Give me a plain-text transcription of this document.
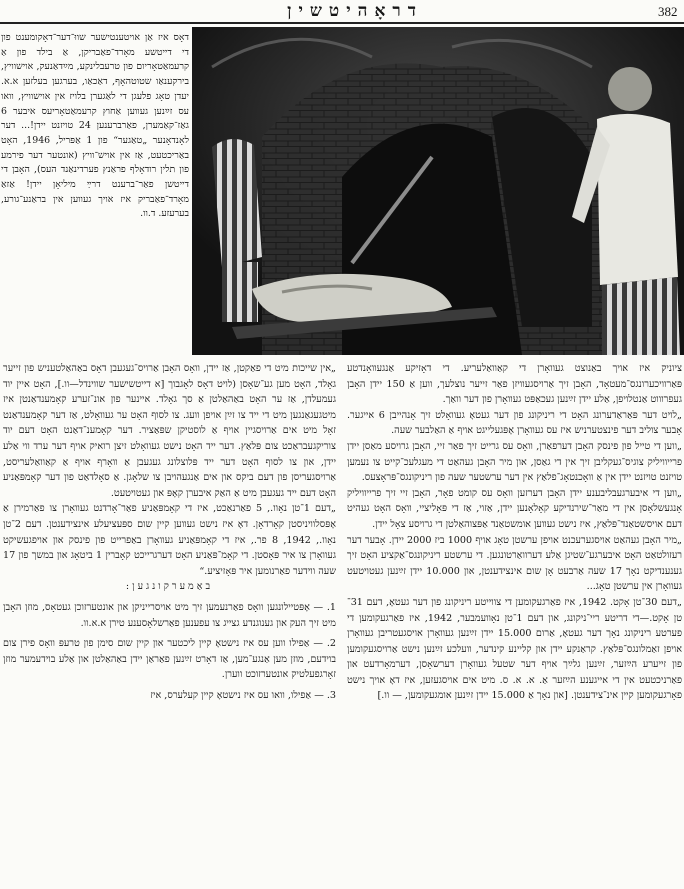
דראָהיטשין	382

דאָס איז אַן אויטענטישער שווּ־דער־דאָקומענט פון די דייטשע מאָרד־פאַבריקן, אַ בילד פון אַ קרעמאַטאָריום פון טרעבלינקע, מײַדאַנעק, אוישוויץ, בירקענאַו שטוטהאָף, דאַכאַו, בערגען בעלזען א.א. יעדן טאָג פלעגן די לאַגערן בלויז אין אוישוויץ, וואו עס זײַנען געווען אַחוץ קרעמאַטאָריעס איבער 6 גאַז־קאַמערן, פאַרברענען 24 טויזנט יידן!... דער לאָנדאָנער „טאַגער“ פון 1 אַפּריל, 1946, האָט באַריכטעט, אַז אין אויש־וויץ (אונטער דער פירמע פון תלין רודאָלף פראַנץ פערדינאַנד העס), האָבן די דייטשן פאַר־ברענט דרײַ מיליאָן יידן! אַזאַ מאָרד־פאַבריק איז אויך געווען אין בראַנע־גורע, בערעזע. ד.וו.

„אין שייכות מיט די פאַקטן, אַז יידן, וואָס האָבן אַרויס־געגעבן דאָס באַהאַלטעניש פון זייער גאָלד, האָט מען גע־שאָסן (לויט דאָס לאָגבוך [א דייטשישער שווינדל—וו.], האָט איין יוד געמעלדן, אַז ער האָט באַהאַלטן אַ סך גאָלד. איינער פון אונ־זערע קאָמענדאַנטן איז מיטגעגאַנגען מיט די ייד צו זײַן אויפן וועג. צו לסוף האָט ער געוואָלט, אַז דער קאָמענדאַנט זאָל מיט אים אַרויסגיין אויף אַ לוסטיקן שפּאַציר. דער קאָמענ־דאַנט האָט דעם יוד צוריקגעבראַכט צום פּלאַץ. דער ייד האָט נישט געוואָלט זיצן רואיק אויף דער ערד ווי אַלע יידן, און צו לסוף האָט דער ייד פּלוצלונג געגעבן אַ וואָרף אויף אַ קאַוואַלעריסט, אַרויסגעריסן פון דעם ביקס און אים אַנגעהויבן צו שלאָגן. אַ סאָלדאַט פון דער קאָמפּאַניע האָט דעם ייד געגעבן מיט אַ האַק איבערן קאָפּ און געטויטעט.

„דעם 1־טן נאָוו., 5 פאַרנאַכט, איז די קאָמפּאַניע פאַר־אָרדנט געוואָרן צו פאַרמירן אַ אָפּסלוויניסטן קאָרדאָן. דאָ איז נישט געווען קיין שום ספּעציעלע אינצידענטן. דעם 2־טן נאָוו., 1942, 8 פר., איז די קאָמפּאַניע געוואָרן באַפרייט פון פינסק און אויפגעשיקט געוואָרן צו איר פּאָסטן. די קאָמ־פּאַניע האָט דערגרייכט קאָברין 1 ביטאָג און במשך פון 17 שעה ווידער פאַרנומען איר פּאָזיציע.“

באַמערקונגען:

1. — אָפּטיילונגען וואָס פאַרנעמען זיך מיט אויסרייניקן און אונטערזוכן געטאָס, מוזן האָבן מיט זיך העק און גענוגנדע גצייג צו עפענען פאַרשלאָסענע טירן א.א.וו.

2. — אַפילו ווען עס איז נישטאָ קיין ליכטער און קיין שום סימן פון טרעפּ וואָס פירן צום בוידעם, מוזן מען אַנגע־מען, אַז דאָרט זײַנען פאַראַן יידן באַהאַלטן און אַלע בוידעמער מוזן זאָרגפעלטיק אונטערזוכט ווערן.

3. — אַפילו, וואו עס איז נישטאָ קיין קעלערס, איז

ציוניק איז אויך באַנוצט געוואָרן די קאַוואַלעריע. די דאָזיקע אַנגעוואָנדטע פּאַרוויכערונגס־מעטאָד, האָבן זיך אַרויסגעוויזן פאַר זייער נוצלעך, ווען אַ 150 יידן האָבן געפרוווט אַנטלויפן, אַלע יידן זײַנען געכאַפּט געוואָרן פון דער וואַך.

„לויט דער פּאַראַדערונג האָט די ריניקונג פון דער געטאָ געוואָלט זיך אָנהייבן 6 אייגער. אָבער צוליב דער פינצטערניש איז עס געוואָרן אָפּגעלייגט אויף אַ האַלבער שעה.

„ווען די טייל פון פינסק האָבן דערפאַרן, וואָס עס גרייט זיך פאַר זיי, האָבן גרויסע מאַסן יידן פרייוויליק צוגיס־געקליבן זיך אין די גאַסן, און מיר האָבן געהאַט די מעגלעכ־קייט צו נעמען טויזנט טויזנט יידן אין אַ וואָכנטאָג־פלאַץ אין דער ערשטער שעה פון ריניקונגס־פּראָצעס.

„ווען די איבערגעבליבענע יידן האָבן דערזען וואָס עס קומט פאָר, האָבן זיי זיך פרייוויליק אָנגעשלאָסן אין די מאַר־שירנדיקע קאָלאָנען יידן, אַזוי, אַז די פּאָליציי, וואָס האָט געהיט דעם אויסשטאַנד־פּלאַץ, איז נישט געווען אומשטאַנד אַפּצוהאַלטן די גרויסע צאָל יידן.

„מיר האָבן געהאַט אויסגערעכנט אויפן ערשטן טאָג אויף 1000 ביז 2000 יידן. אָבער דער רעזולטאַט האָט איבערגע־שטיגן אַלע דערוואַרטונגען. די ערשטע ריניקונגס־אַקציע האָט זיך גענענדיקט נאָך 17 שעה אַרבעט אָן שום אינצידענטן, און 10.000 יידן זײַנען געטויטעט געוואָרן אין ערשטן טאָג...

„דעם 30־טן אָקט. 1942, איז פאַרגעקומען די צווייטע ריניקונג פון דער געטאָ, דעם 31־טן אָקט.—די דריטע ריי־ניקונג, און דעם 1־טן נאָוועמבער, 1942, איז פאַרגעקומען די פערטע ריניקונג נאָך דער געטאָ, אַרום 15.000 יידן זײַנען געוואָרן אויסגעטריבן געוואָרן אויפן זאַמלונגס־פּלאַץ. קראַנקע יידן און קליינע קינדער, וועלכע זײַנען נישט אַרויסגעקומען פון זייערע הײַזער, זײַנען גלײַך אויף דער שטעל געוואָרן דערשאָסן, דערמאָרדעט און פאַרניכטעט אין די אייגענע הײַזער אַ. א. א. ס. מיט אים אויסגעזען, איז דאָ אויך נישט פאָרגעקומען קיין אינ־צידענטן. [און נאָך אַ 15.000 יידן זײַנען אומגעקומען, — וו.]
